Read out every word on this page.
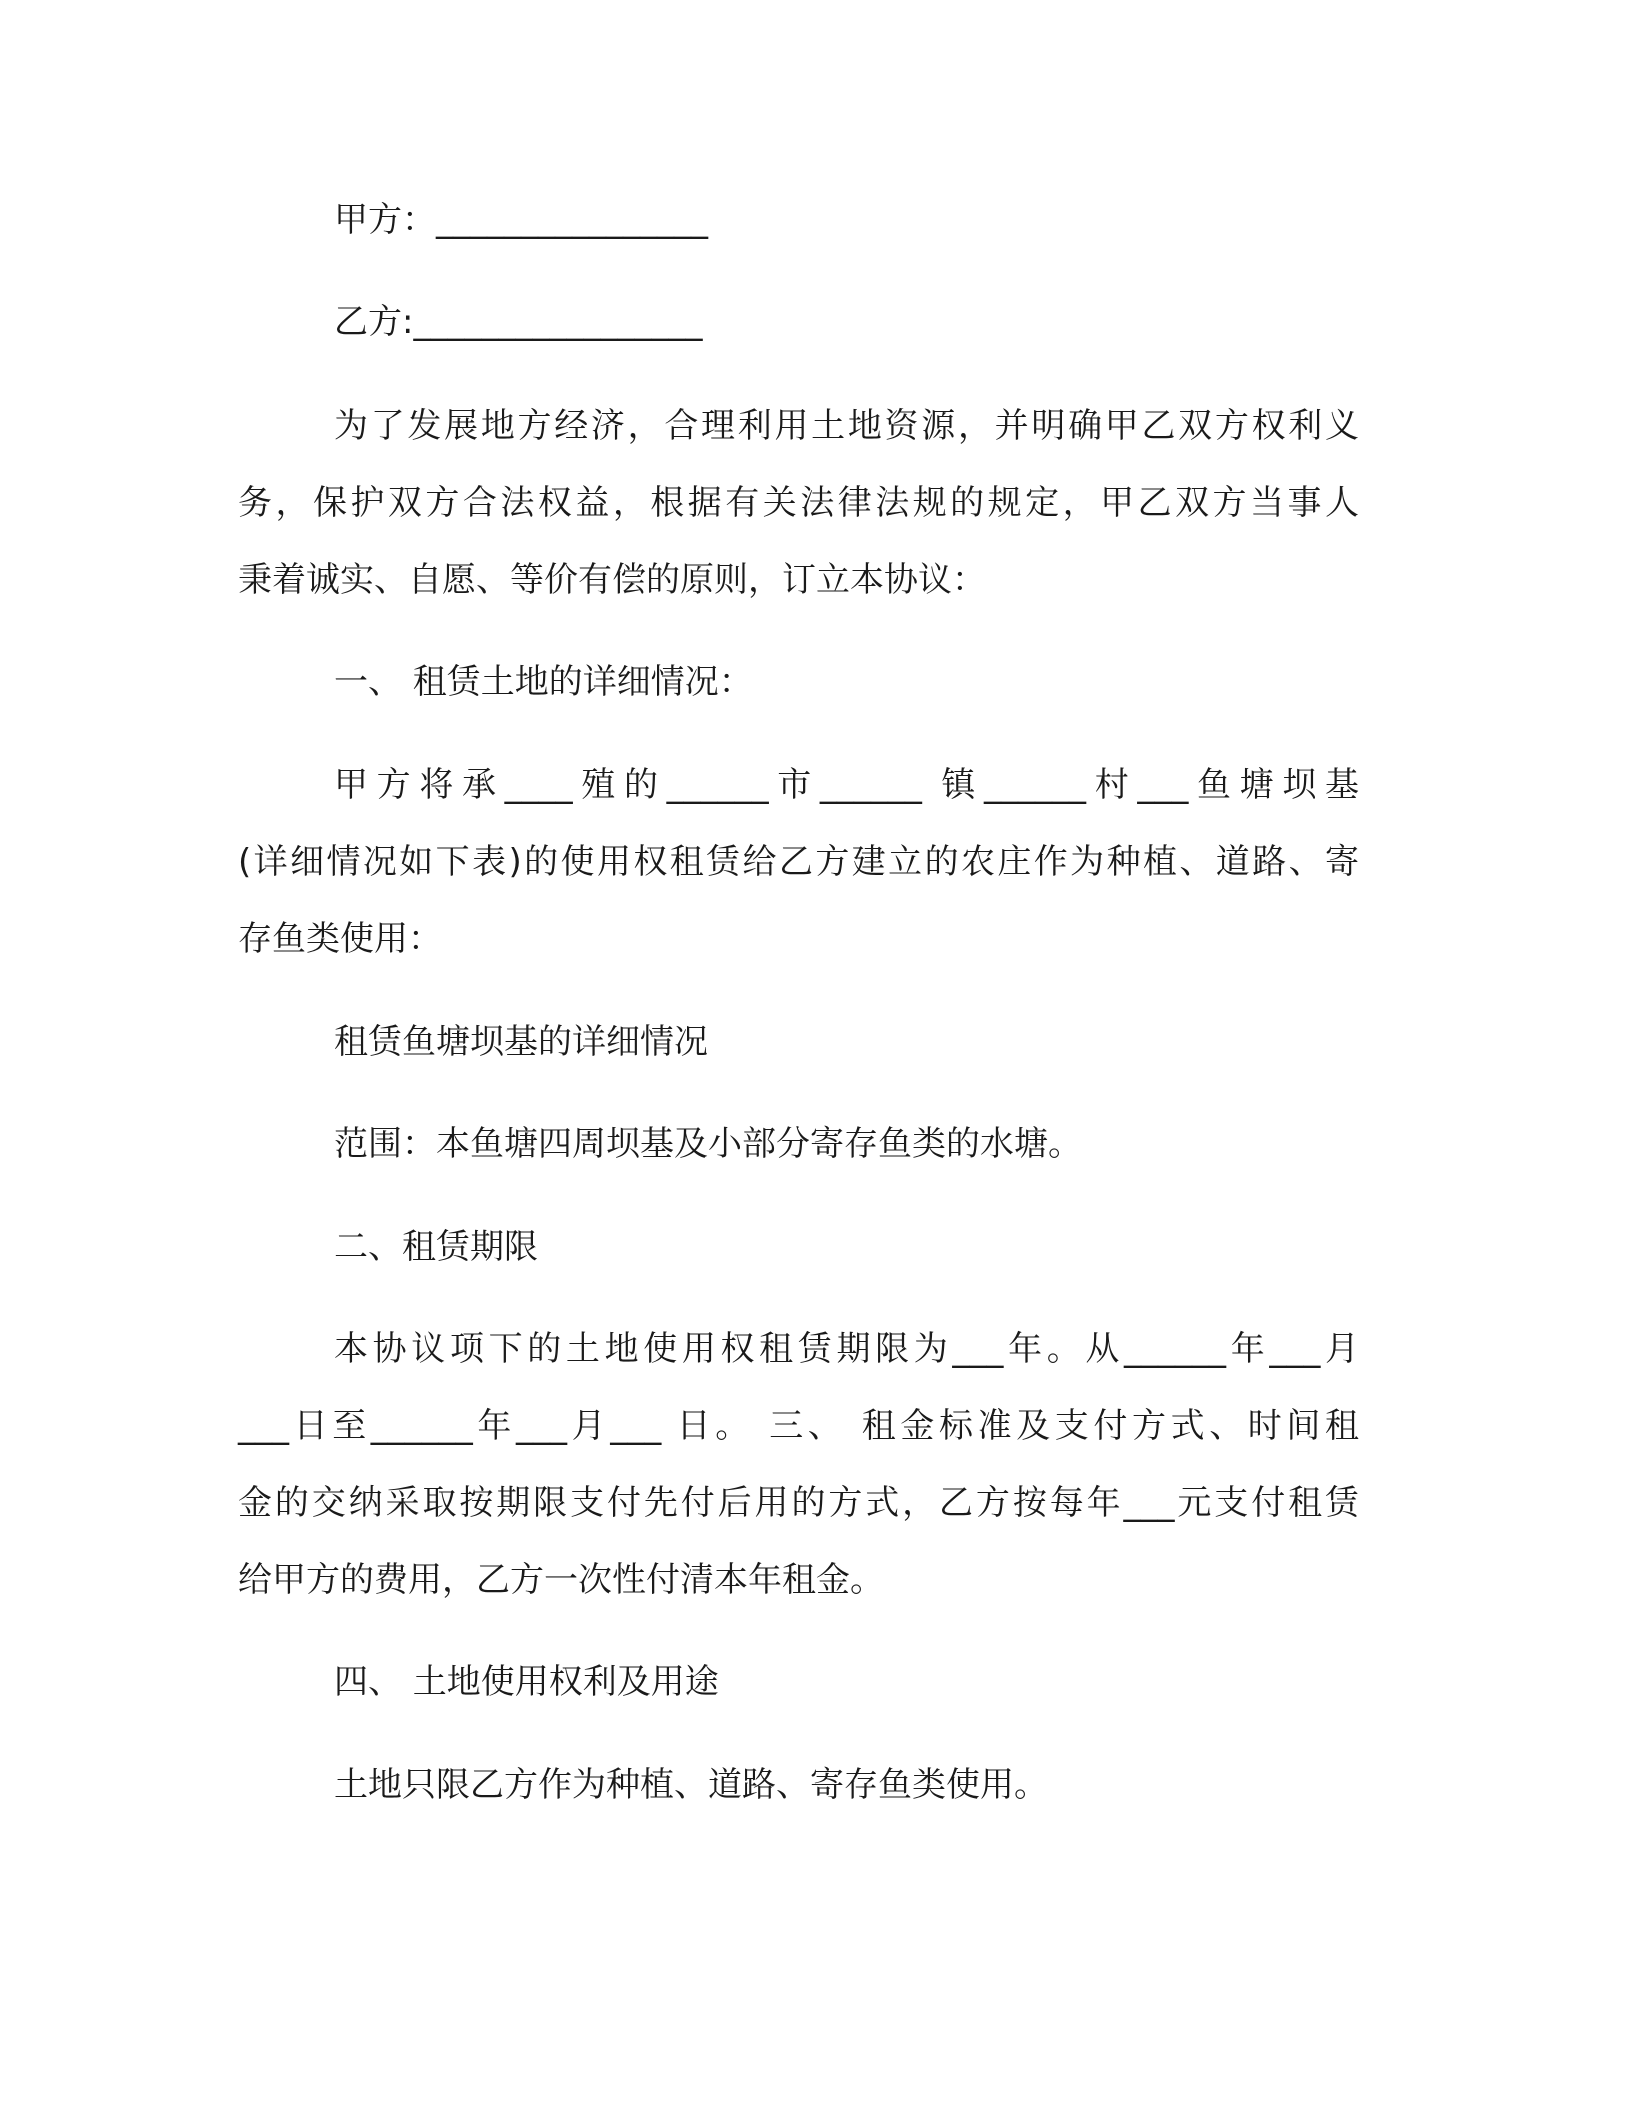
甲方：________________
乙方:_________________
为了发展地方经济，合理利用土地资源，并明确甲乙双方权利义
务，保护双方合法权益，根据有关法律法规的规定，甲乙双方当事人
秉着诚实、自愿、等价有偿的原则，订立本协议：
一、 租赁土地的详细情况：
甲方将承____殖的______市______ 镇______村___鱼塘坝基
(详细情况如下表)的使用权租赁给乙方建立的农庄作为种植、道路、寄
存鱼类使用：
租赁鱼塘坝基的详细情况
范围：本鱼塘四周坝基及小部分寄存鱼类的水塘。
二、租赁期限
本协议项下的土地使用权租赁期限为___年。从______年___月
___日至______年___月___ 日。 三、 租金标准及支付方式、时间租
金的交纳采取按期限支付先付后用的方式，乙方按每年___元支付租赁
给甲方的费用，乙方一次性付清本年租金。
四、 土地使用权利及用途
土地只限乙方作为种植、道路、寄存鱼类使用。
